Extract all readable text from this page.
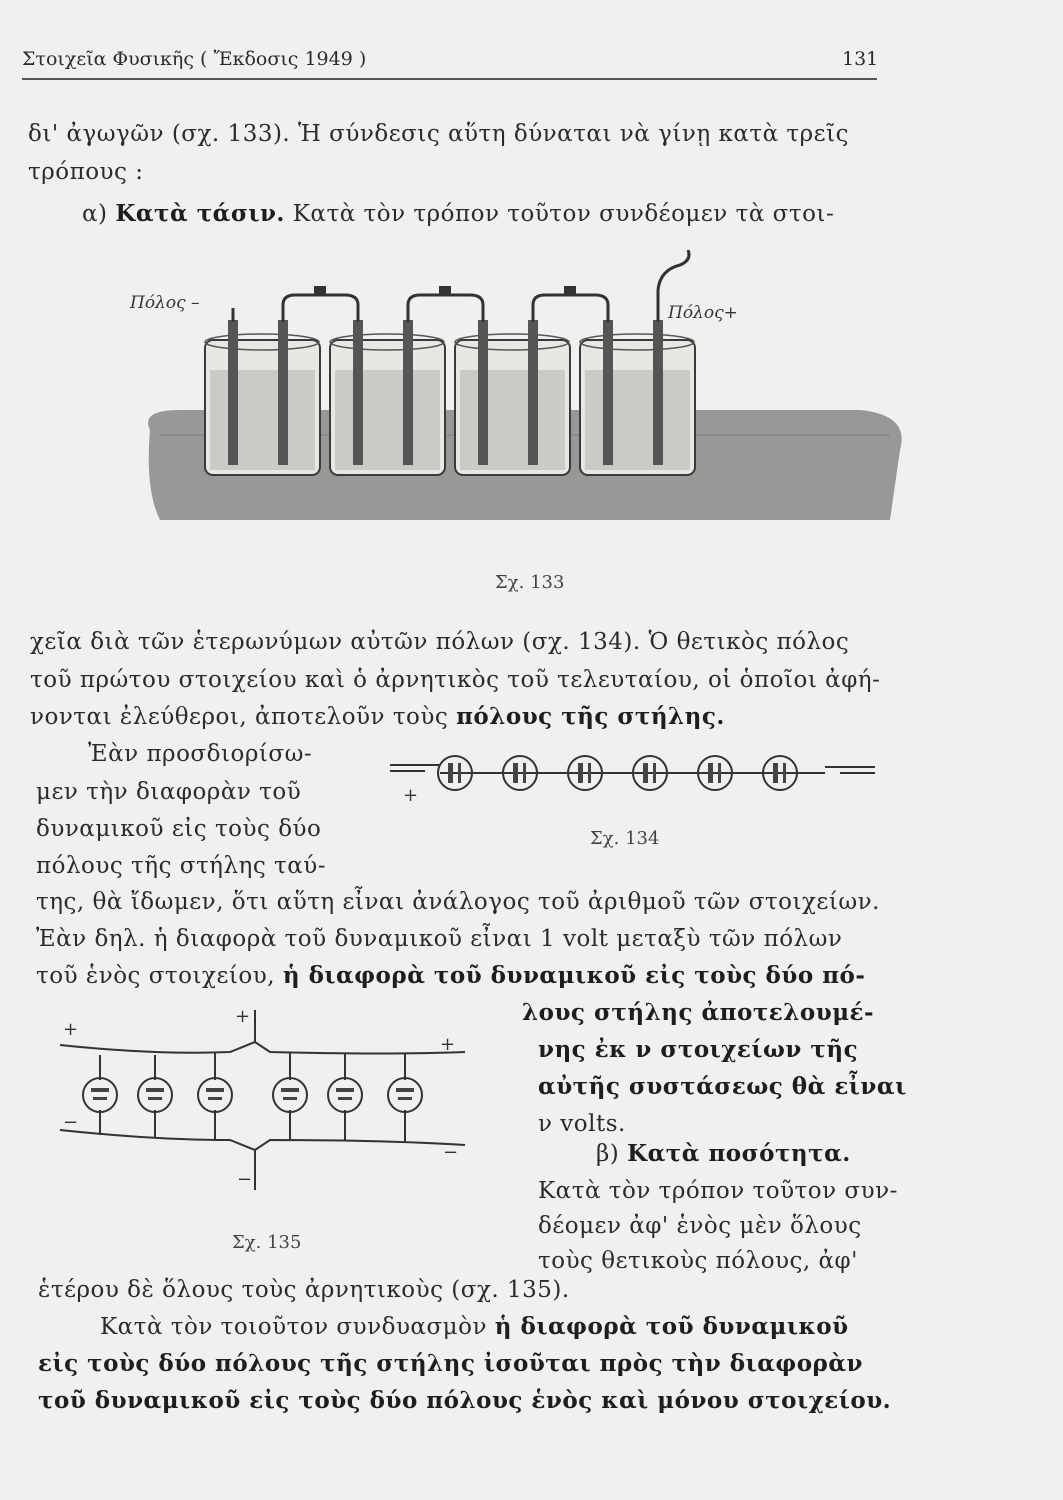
Στοιχεῖα Φυσικῆς ( Ἔκδοσις 1949 )	131
δι' ἀγωγῶν (σχ. 133). Ἡ σύνδεσις αὕτη δύναται νὰ γίνῃ κατὰ τρεῖς
τρόπους :
α) Κατὰ τάσιν. Κατὰ τὸν τρόπον τοῦτον συνδέομεν τὰ στοι-
Πόλος –	Πόλος+
Σχ. 133
χεῖα διὰ τῶν ἑτερωνύμων αὐτῶν πόλων (σχ. 134). Ὁ θετικὸς πόλος
τοῦ πρώτου στοιχείου καὶ ὁ ἀρνητικὸς τοῦ τελευταίου, οἱ ὁποῖοι ἀφή-
νονται ἐλεύθεροι, ἀποτελοῦν τοὺς πόλους τῆς στήλης.
Ἐὰν προσδιορίσω-
μεν τὴν διαφορὰν τοῦ
δυναμικοῦ εἰς τοὺς δύο
πόλους τῆς στήλης ταύ-
+
Σχ. 134
της, θὰ ἴδωμεν, ὅτι αὕτη εἶναι ἀνάλογος τοῦ ἀριθμοῦ τῶν στοιχείων.
Ἐὰν δηλ. ἡ διαφορὰ τοῦ δυναμικοῦ εἶναι 1 volt μεταξὺ τῶν πόλων
τοῦ ἑνὸς στοιχείου, ἡ διαφορὰ τοῦ δυναμικοῦ εἰς τοὺς δύο πό-
λους στήλης ἀποτελουμέ-
νης ἐκ ν στοιχείων τῆς
αὐτῆς συστάσεως θὰ εἶναι
ν volts.
β) Κατὰ ποσότητα.
Κατὰ τὸν τρόπον τοῦτον συν-
δέομεν ἀφ' ἑνὸς μὲν ὅλους
τοὺς θετικοὺς πόλους, ἀφ'
+
+
+
−
−
−
Σχ. 135
ἑτέρου δὲ ὅλους τοὺς ἀρνητικοὺς (σχ. 135).
Κατὰ τὸν τοιοῦτον συνδυασμὸν ἡ διαφορὰ τοῦ δυναμικοῦ
εἰς τοὺς δύο πόλους τῆς στήλης ἰσοῦται πρὸς τὴν διαφορὰν
τοῦ δυναμικοῦ εἰς τοὺς δύο πόλους ἑνὸς καὶ μόνου στοιχείου.
